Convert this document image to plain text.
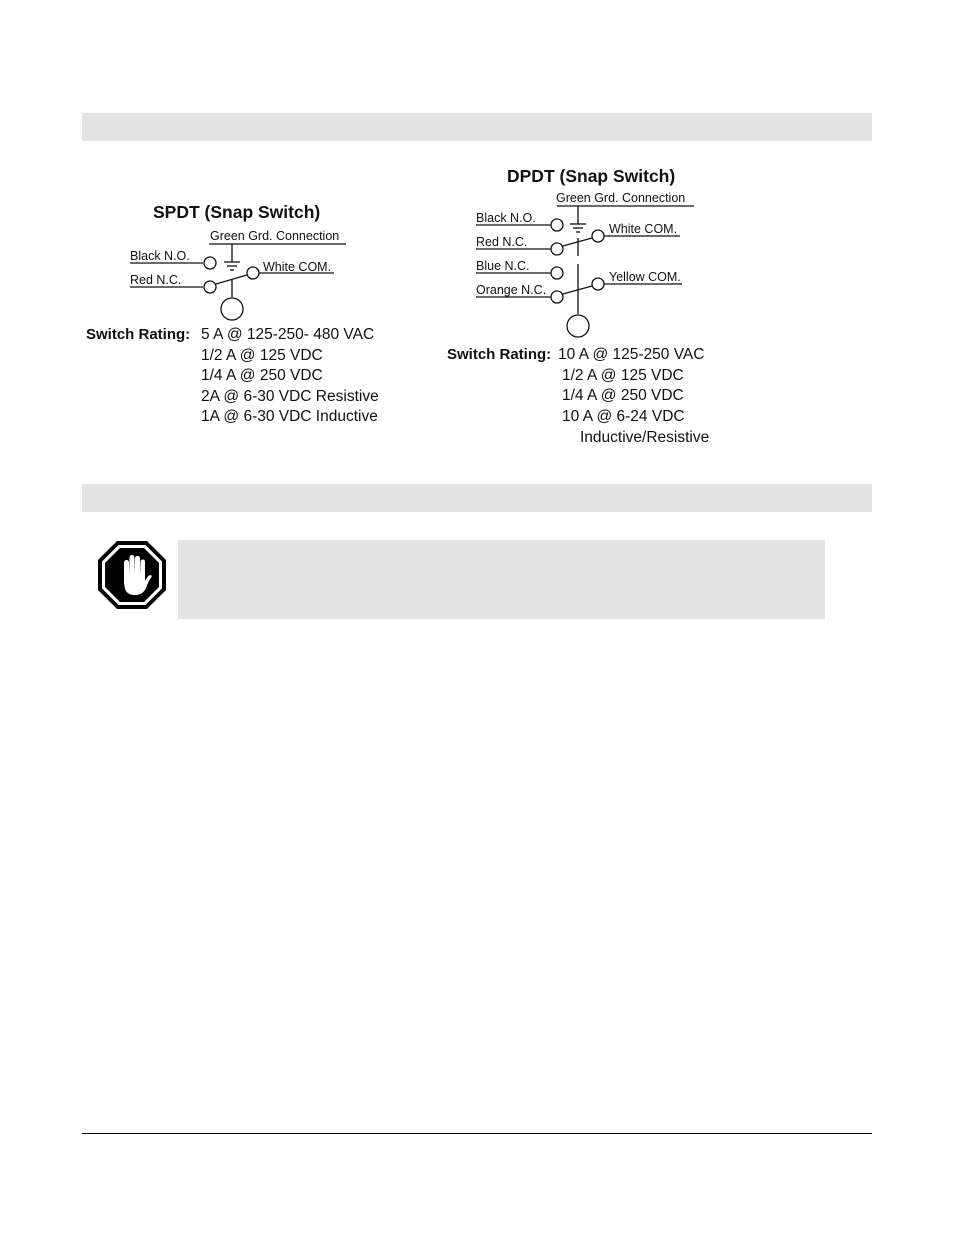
SPDT (Snap Switch)
Green Grd. Connection
Black N.O.
White COM.
Red N.C.
Switch Rating: 5 A @ 125-250- 480 VAC
1/2 A @ 125 VDC
1/4 A @ 250 VDC
2A @ 6-30 VDC Resistive
1A @ 6-30 VDC Inductive
DPDT (Snap Switch)
Green Grd. Connection
Black N.O.
White COM.
Red N.C.
Blue N.C.
Yellow COM.
Orange N.C.
Switch Rating: 10 A @ 125-250 VAC
1/2 A @ 125 VDC
1/4 A @ 250 VDC
10 A @ 6-24 VDC
Inductive/Resistive
